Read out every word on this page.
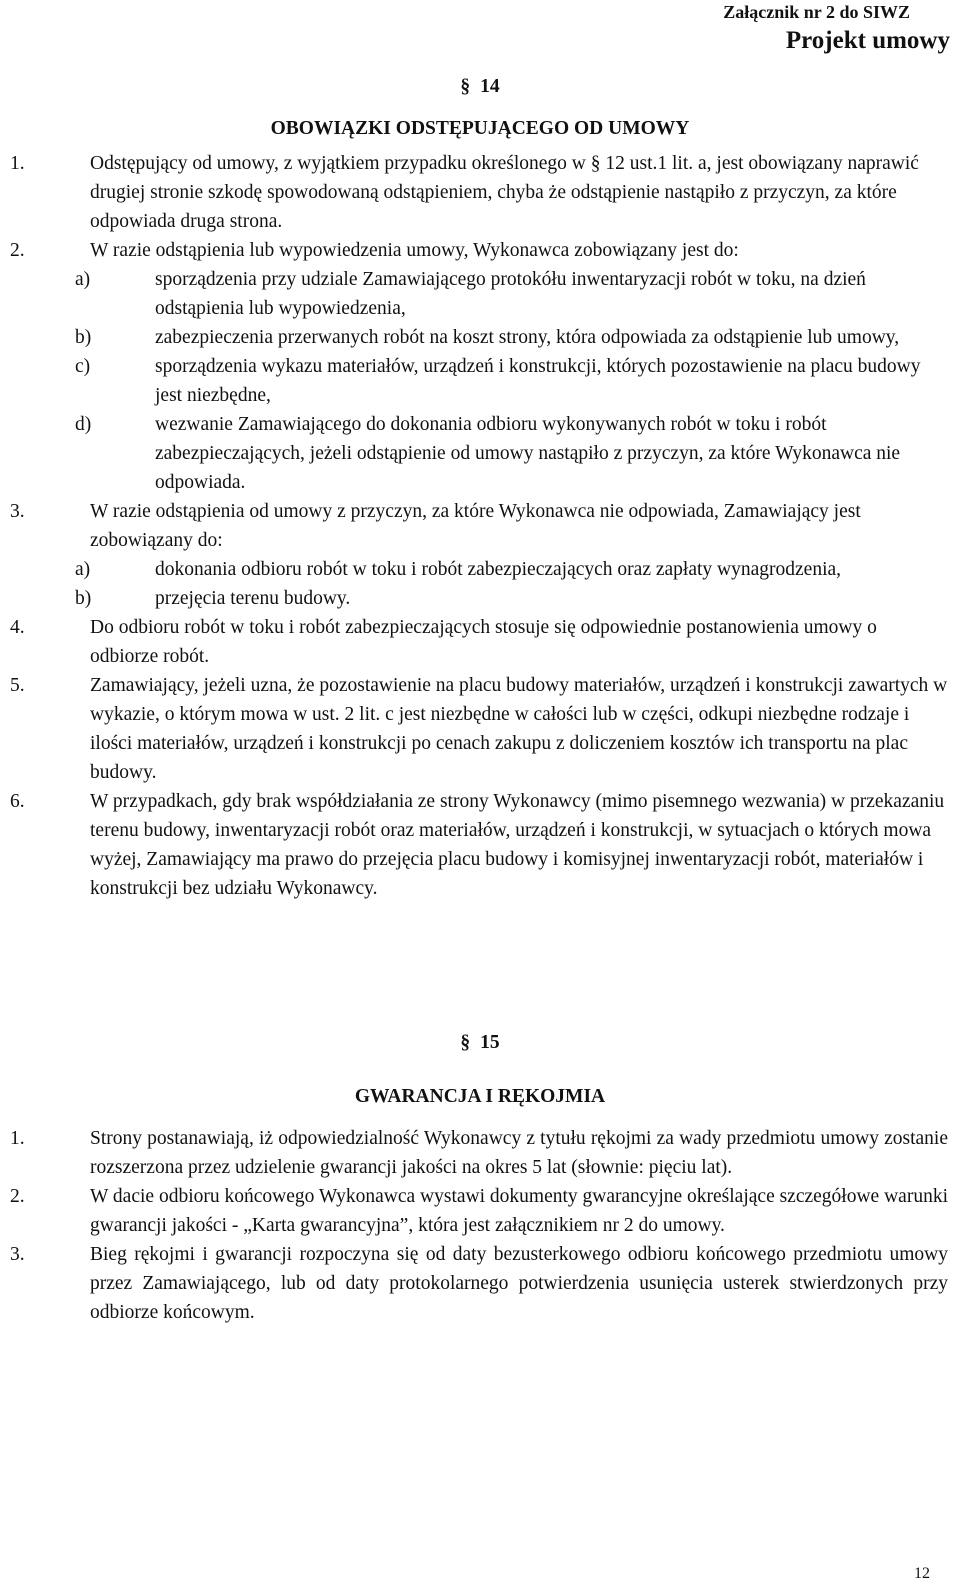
Załącznik nr 2 do SIWZ
Projekt umowy
§ 14
OBOWIĄZKI ODSTĘPUJĄCEGO OD UMOWY
1.	Odstępujący od umowy, z wyjątkiem przypadku określonego w § 12 ust.1 lit. a, jest obowiązany naprawić drugiej stronie szkodę spowodowaną odstąpieniem, chyba że odstąpienie nastąpiło z przyczyn, za które odpowiada druga strona.
2.	W razie odstąpienia lub wypowiedzenia umowy, Wykonawca zobowiązany jest do:
a)	sporządzenia przy udziale Zamawiającego protokółu inwentaryzacji robót w toku, na dzień odstąpienia lub wypowiedzenia,
b)	zabezpieczenia przerwanych robót na koszt strony, która odpowiada za odstąpienie lub umowy,
c)	sporządzenia wykazu materiałów, urządzeń i konstrukcji, których pozostawienie na placu budowy jest niezbędne,
d)	wezwanie Zamawiającego do dokonania odbioru wykonywanych robót w toku i robót zabezpieczających, jeżeli odstąpienie od umowy nastąpiło z przyczyn, za które Wykonawca nie odpowiada.
3.	W razie odstąpienia od umowy z przyczyn, za które Wykonawca nie odpowiada, Zamawiający jest zobowiązany do:
a)	dokonania odbioru robót w toku i robót zabezpieczających oraz zapłaty wynagrodzenia,
b)	przejęcia terenu budowy.
4.	Do odbioru robót w toku i robót zabezpieczających stosuje się odpowiednie postanowienia umowy o odbiorze robót.
5.	Zamawiający, jeżeli uzna, że pozostawienie na placu budowy materiałów, urządzeń i konstrukcji zawartych w wykazie, o którym mowa w ust. 2 lit. c jest niezbędne w całości lub w części, odkupi niezbędne rodzaje i ilości materiałów, urządzeń i konstrukcji po cenach zakupu z doliczeniem kosztów ich transportu na plac budowy.
6.	W przypadkach, gdy brak współdziałania ze strony Wykonawcy (mimo pisemnego wezwania) w przekazaniu terenu budowy, inwentaryzacji robót oraz materiałów, urządzeń i konstrukcji, w sytuacjach o których mowa wyżej, Zamawiający ma prawo do przejęcia placu budowy i komisyjnej inwentaryzacji robót, materiałów i konstrukcji bez udziału Wykonawcy.
§ 15
GWARANCJA I RĘKOJMIA
1.	Strony postanawiają, iż odpowiedzialność Wykonawcy z tytułu rękojmi za wady przedmiotu umowy zostanie rozszerzona przez udzielenie gwarancji jakości na okres 5 lat (słownie: pięciu lat).
2.	W dacie odbioru końcowego Wykonawca wystawi dokumenty gwarancyjne określające szczegółowe warunki gwarancji jakości - „Karta gwarancyjna”, która jest załącznikiem nr 2 do umowy.
3.	Bieg rękojmi i gwarancji rozpoczyna się od daty bezusterkowego odbioru końcowego przedmiotu umowy przez Zamawiającego, lub od daty protokolarnego potwierdzenia usunięcia usterek stwierdzonych przy odbiorze końcowym.
12
